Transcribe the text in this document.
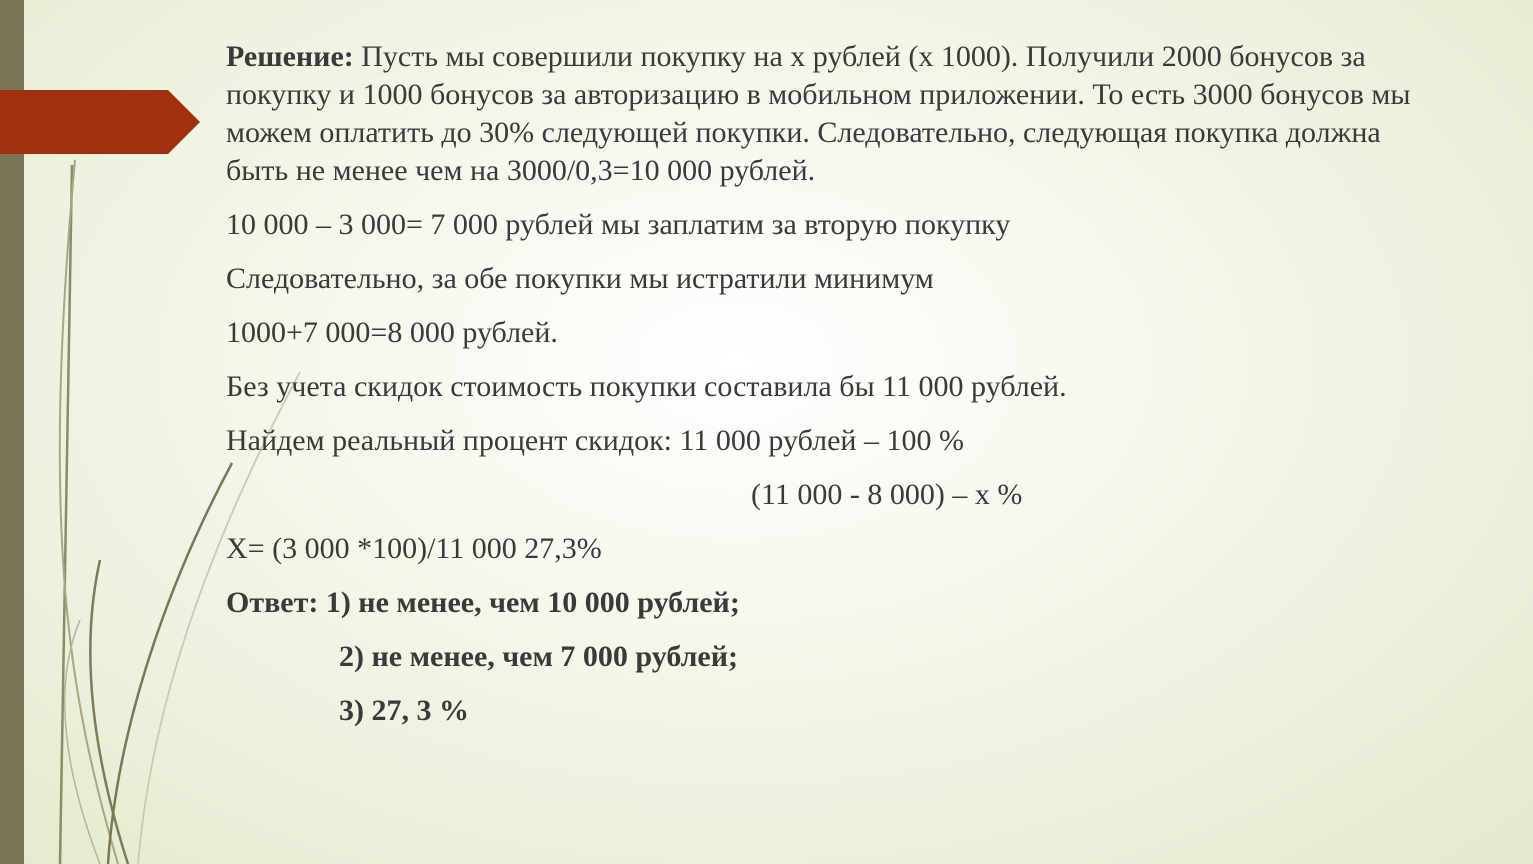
Решение: Пусть мы совершили покупку на х рублей (х 1000). Получили 2000 бонусов за покупку и 1000 бонусов за авторизацию в мобильном приложении. То есть 3000 бонусов мы можем оплатить до 30% следующей покупки. Следовательно, следующая покупка должна быть не менее чем на 3000/0,3=10 000 рублей.

10 000 – 3 000= 7 000 рублей мы заплатим за вторую покупку

Следовательно, за обе покупки мы истратили минимум

1000+7 000=8 000 рублей.

Без учета скидок стоимость покупки составила бы 11 000 рублей.

Найдем реальный процент скидок: 11 000 рублей – 100 %

(11 000 - 8 000) – х %

Х= (3 000 *100)/11 000 27,3%

Ответ: 1) не менее, чем 10 000 рублей;

2) не менее, чем 7 000 рублей;

3) 27, 3 %
